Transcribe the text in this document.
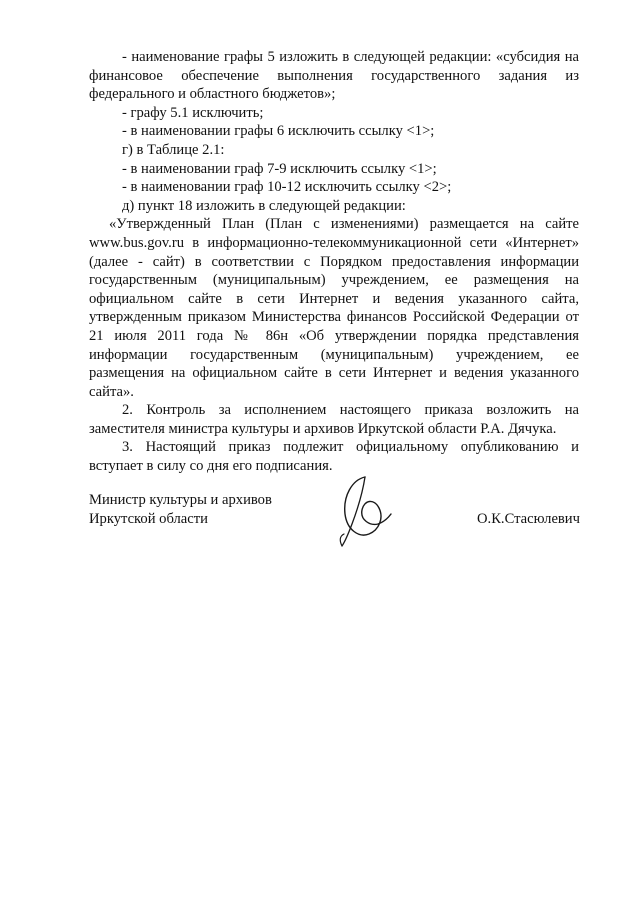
- наименование графы 5 изложить в следующей редакции: «субсидия на финансовое обеспечение выполнения государственного задания из федерального и областного бюджетов»;

- графу 5.1 исключить;

- в наименовании графы 6 исключить ссылку <1>;

г) в Таблице 2.1:

- в наименовании граф 7-9 исключить ссылку <1>;

- в наименовании граф 10-12 исключить ссылку <2>;

д) пункт 18 изложить в следующей редакции:

«Утвержденный План (План с изменениями) размещается на сайте www.bus.gov.ru в информационно-телекоммуникационной сети «Интернет» (далее - сайт) в соответствии с Порядком предоставления информации государственным (муниципальным) учреждением, ее размещения на официальном сайте в сети Интернет и ведения указанного сайта, утвержденным приказом Министерства финансов Российской Федерации от 21 июля 2011 года № 86н «Об утверждении порядка представления информации государственным (муниципальным) учреждением, ее размещения на официальном сайте в сети Интернет и ведения указанного сайта».

2. Контроль за исполнением настоящего приказа возложить на заместителя министра культуры и архивов Иркутской области Р.А. Дячука.

3. Настоящий приказ подлежит официальному опубликованию и вступает в силу со дня его подписания.

Министр культуры и архивов
Иркутской области	О.К.Стасюлевич
